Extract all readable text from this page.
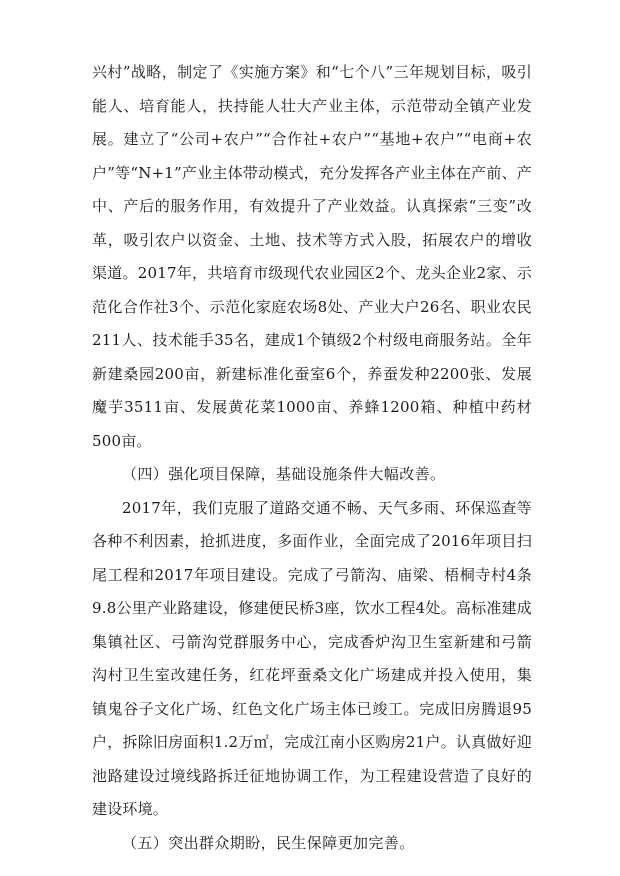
兴村”战略，制定了《实施方案》和“七个八”三年规划目标，吸引能人、培育能人，扶持能人壮大产业主体，示范带动全镇产业发展。建立了“公司+农户”“合作社+农户”“基地+农户”“电商+农户”等“N+1”产业主体带动模式，充分发挥各产业主体在产前、产中、产后的服务作用，有效提升了产业效益。认真探索“三变”改革，吸引农户以资金、土地、技术等方式入股，拓展农户的增收渠道。2017年，共培育市级现代农业园区2个、龙头企业2家、示范化合作社3个、示范化家庭农场8处、产业大户26名、职业农民211人、技术能手35名，建成1个镇级2个村级电商服务站。全年新建桑园200亩，新建标准化蚕室6个，养蚕发种2200张、发展魔芋3511亩、发展黄花菜1000亩、养蜂1200箱、种植中药材500亩。

（四）强化项目保障，基础设施条件大幅改善。

2017年，我们克服了道路交通不畅、天气多雨、环保巡查等各种不利因素，抢抓进度，多面作业，全面完成了2016年项目扫尾工程和2017年项目建设。完成了弓箭沟、庙梁、梧桐寺村4条9.8公里产业路建设，修建便民桥3座，饮水工程4处。高标准建成集镇社区、弓箭沟党群服务中心，完成香炉沟卫生室新建和弓箭沟村卫生室改建任务，红花坪蚕桑文化广场建成并投入使用，集镇鬼谷子文化广场、红色文化广场主体已竣工。完成旧房腾退95户，拆除旧房面积1.2万㎡，完成江南小区购房21户。认真做好迎池路建设过境线路拆迁征地协调工作，为工程建设营造了良好的建设环境。

（五）突出群众期盼，民生保障更加完善。
